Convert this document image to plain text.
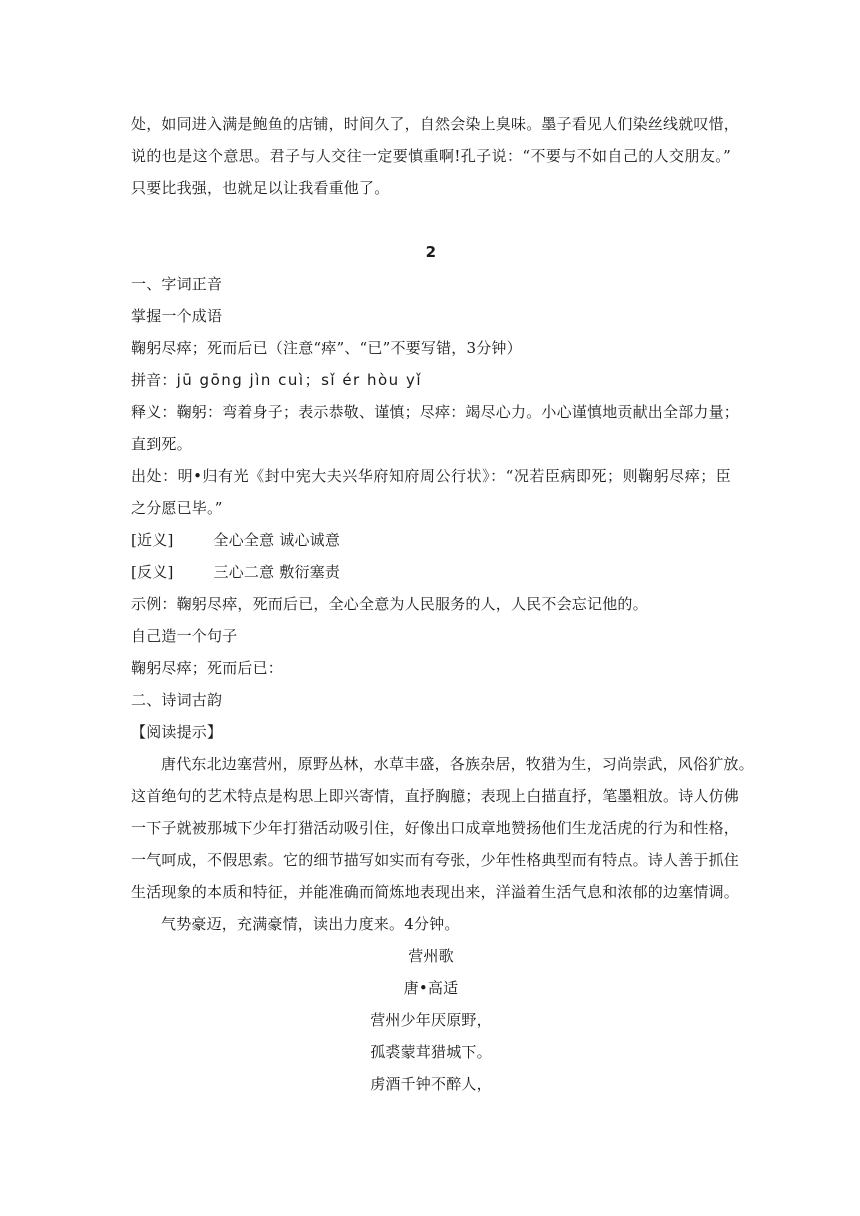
处，如同进入满是鲍鱼的店铺，时间久了，自然会染上臭味。墨子看见人们染丝线就叹惜，
说的也是这个意思。君子与人交往一定要慎重啊!孔子说：“不要与不如自己的人交朋友。”
只要比我强，也就足以让我看重他了。
2
一、字词正音
掌握一个成语
鞠躬尽瘁；死而后已（注意“瘁”、“已”不要写错，3分钟）
拼音：jū gōng jìn cuì；sǐ ér hòu yǐ
释义：鞠躬：弯着身子；表示恭敬、谨慎；尽瘁：竭尽心力。小心谨慎地贡献出全部力量；
直到死。
出处：明•归有光《封中宪大夫兴华府知府周公行状》：“况若臣病即死；则鞠躬尽瘁；臣
之分愿已毕。”
[近义]	全心全意 诚心诚意
[反义]	三心二意 敷衍塞责
示例：鞠躬尽瘁，死而后已，全心全意为人民服务的人，人民不会忘记他的。
自己造一个句子
鞠躬尽瘁；死而后已：
二、诗词古韵
【阅读提示】
唐代东北边塞营州，原野丛林，水草丰盛，各族杂居，牧猎为生，习尚崇武，风俗犷放。
这首绝句的艺术特点是构思上即兴寄情，直抒胸臆；表现上白描直抒，笔墨粗放。诗人仿佛
一下子就被那城下少年打猎活动吸引住，好像出口成章地赞扬他们生龙活虎的行为和性格，
一气呵成，不假思索。它的细节描写如实而有夸张，少年性格典型而有特点。诗人善于抓住
生活现象的本质和特征，并能准确而简炼地表现出来，洋溢着生活气息和浓郁的边塞情调。
气势豪迈，充满豪情，读出力度来。4分钟。
营州歌
唐•高适
营州少年厌原野，
孤裘蒙茸猎城下。
虏酒千钟不醉人，
